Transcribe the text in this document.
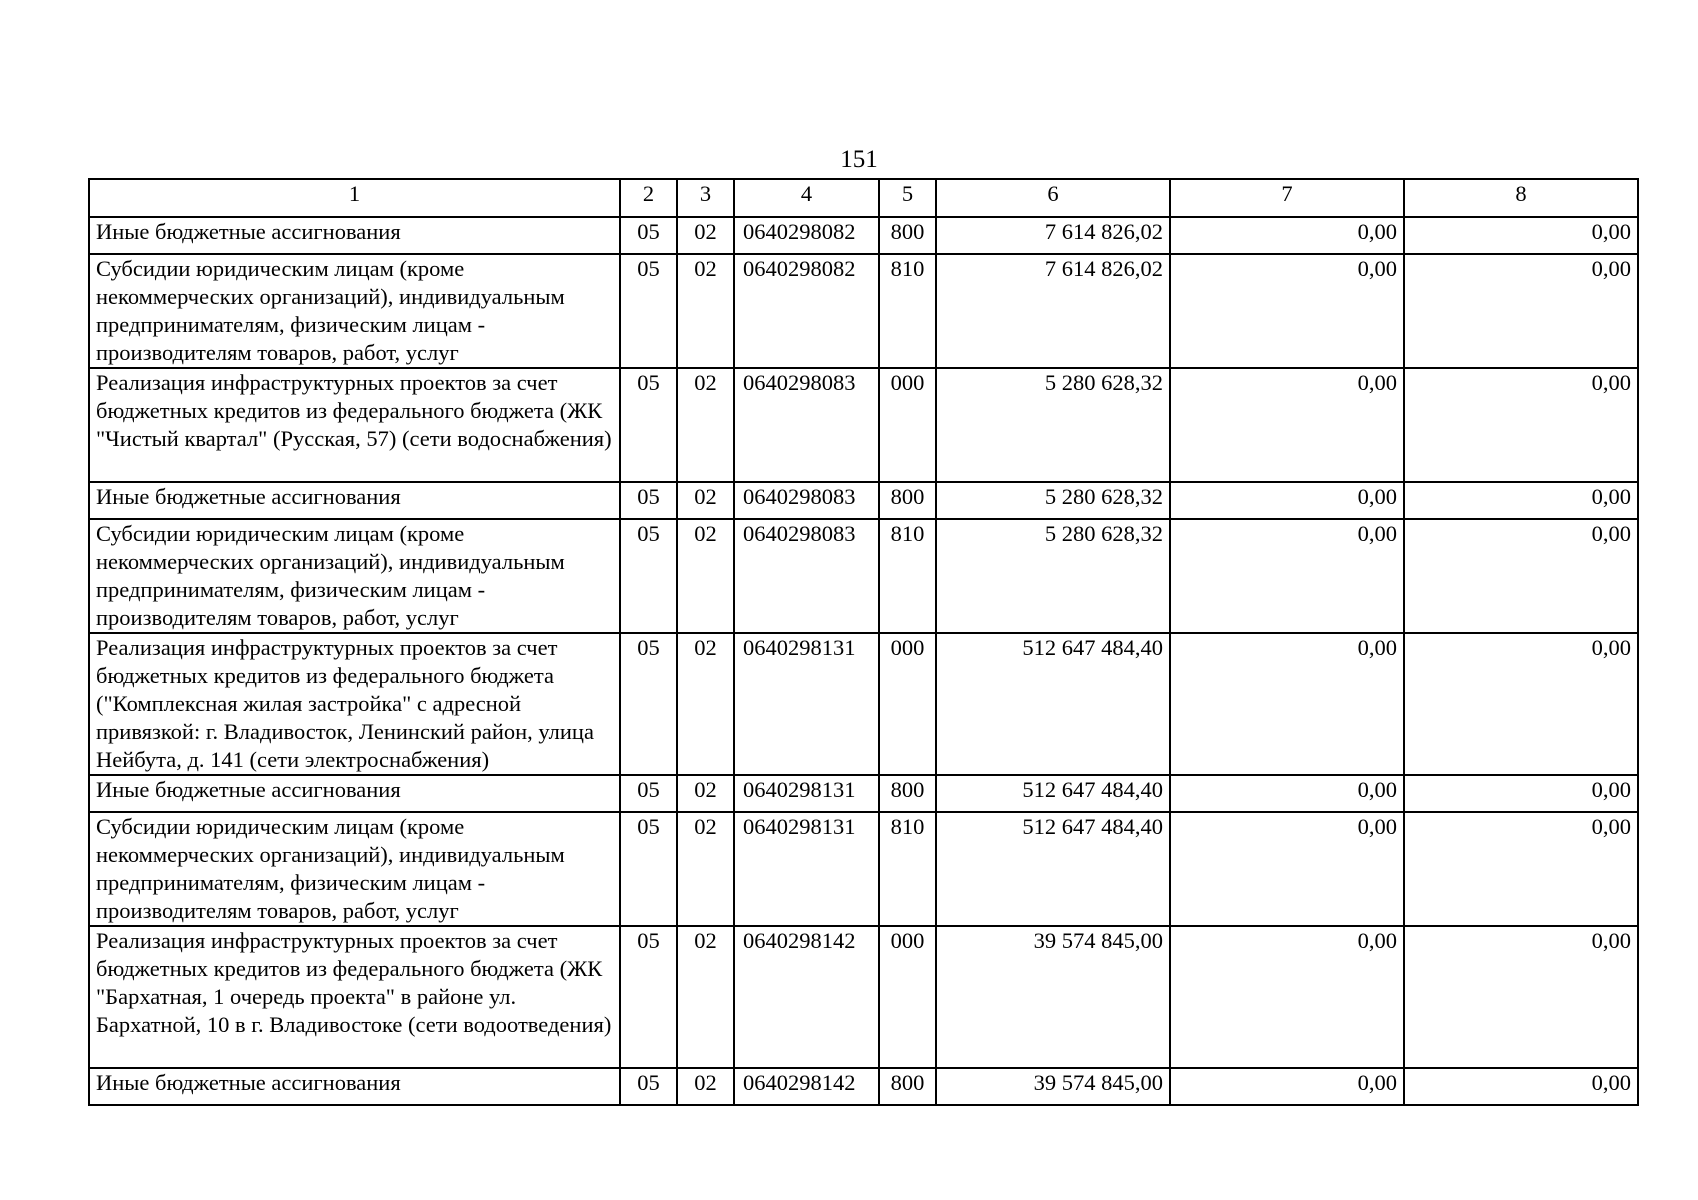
151
1	2	3	4	5	6	7	8
Иные бюджетные ассигнования	05	02	0640298082	800	7 614 826,02	0,00	0,00
Субсидии юридическим лицам (кроме некоммерческих организаций), индивидуальным предпринимателям, физическим лицам - производителям товаров, работ, услуг	05	02	0640298082	810	7 614 826,02	0,00	0,00
Реализация инфраструктурных проектов за счет бюджетных кредитов из федерального бюджета (ЖК "Чистый квартал" (Русская, 57) (сети водоснабжения)	05	02	0640298083	000	5 280 628,32	0,00	0,00
Иные бюджетные ассигнования	05	02	0640298083	800	5 280 628,32	0,00	0,00
Субсидии юридическим лицам (кроме некоммерческих организаций), индивидуальным предпринимателям, физическим лицам - производителям товаров, работ, услуг	05	02	0640298083	810	5 280 628,32	0,00	0,00
Реализация инфраструктурных проектов за счет бюджетных кредитов из федерального бюджета ("Комплексная жилая застройка" с адресной привязкой: г. Владивосток, Ленинский район, улица Нейбута, д. 141 (сети электроснабжения)	05	02	0640298131	000	512 647 484,40	0,00	0,00
Иные бюджетные ассигнования	05	02	0640298131	800	512 647 484,40	0,00	0,00
Субсидии юридическим лицам (кроме некоммерческих организаций), индивидуальным предпринимателям, физическим лицам - производителям товаров, работ, услуг	05	02	0640298131	810	512 647 484,40	0,00	0,00
Реализация инфраструктурных проектов за счет бюджетных кредитов из федерального бюджета (ЖК "Бархатная, 1 очередь проекта" в районе ул. Бархатной, 10 в г. Владивостоке (сети водоотведения)	05	02	0640298142	000	39 574 845,00	0,00	0,00
Иные бюджетные ассигнования	05	02	0640298142	800	39 574 845,00	0,00	0,00
